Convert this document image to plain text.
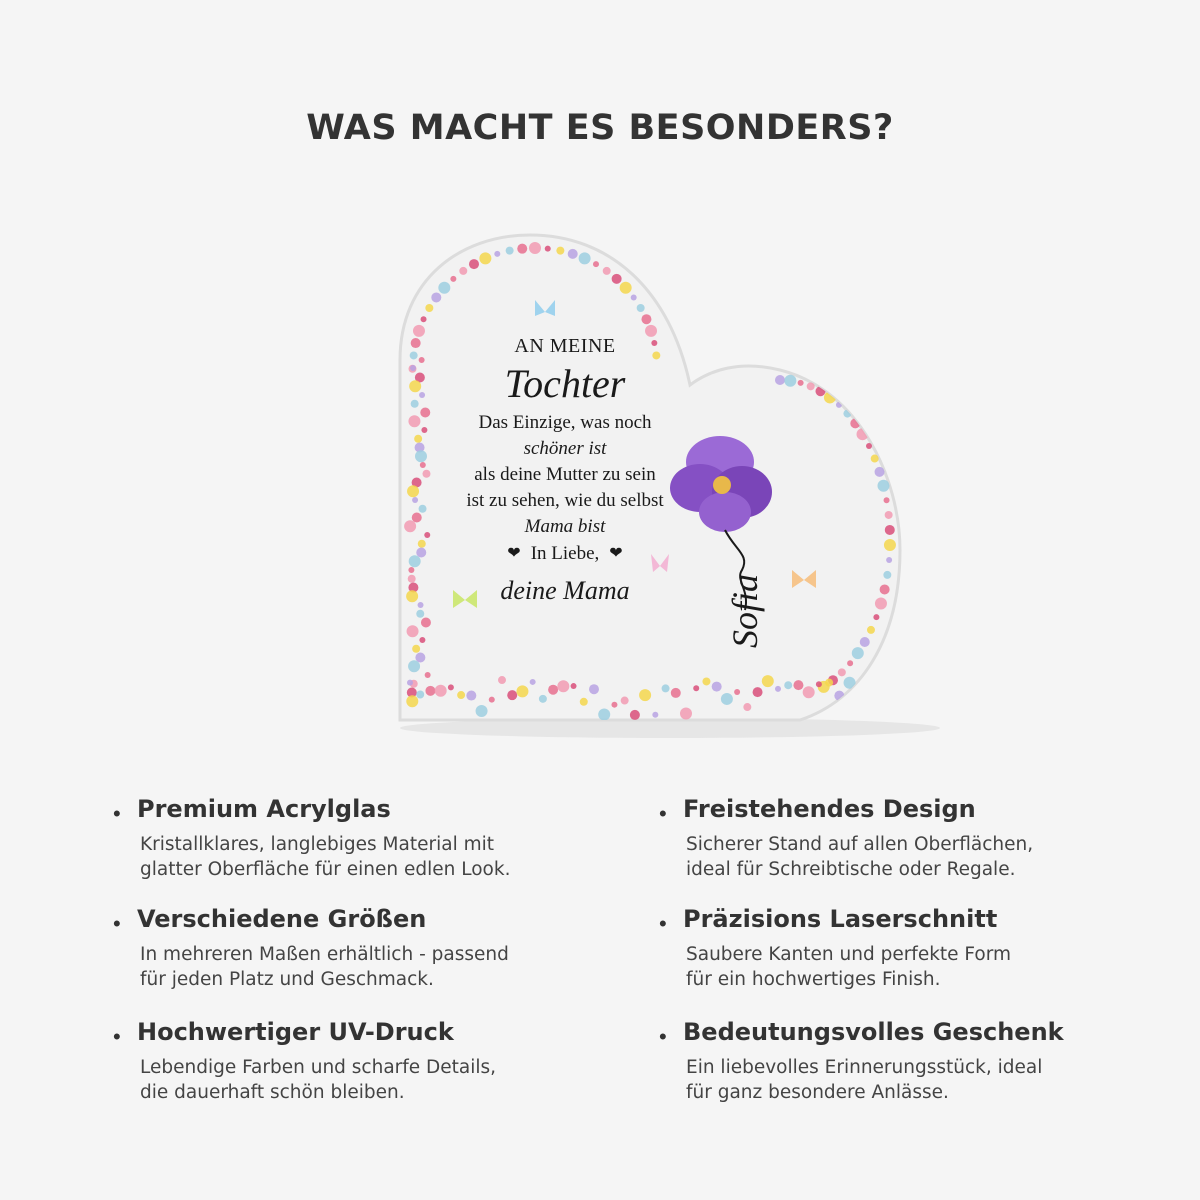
WAS MACHT ES BESONDERS?
AN MEINE
Tochter
Das Einzige, was noch
schöner ist
als deine Mutter zu sein
ist zu sehen, wie du selbst
Mama bist
❤ In Liebe, ❤
deine Mama	Sofia
• Premium Acrylglas
Kristallklares, langlebiges Material mit
glatter Oberfläche für einen edlen Look.
• Freistehendes Design
Sicherer Stand auf allen Oberflächen,
ideal für Schreibtische oder Regale.
• Verschiedene Größen
In mehreren Maßen erhältlich - passend
für jeden Platz und Geschmack.
• Präzisions Laserschnitt
Saubere Kanten und perfekte Form
für ein hochwertiges Finish.
• Hochwertiger UV-Druck
Lebendige Farben und scharfe Details,
die dauerhaft schön bleiben.
• Bedeutungsvolles Geschenk
Ein liebevolles Erinnerungsstück, ideal
für ganz besondere Anlässe.
